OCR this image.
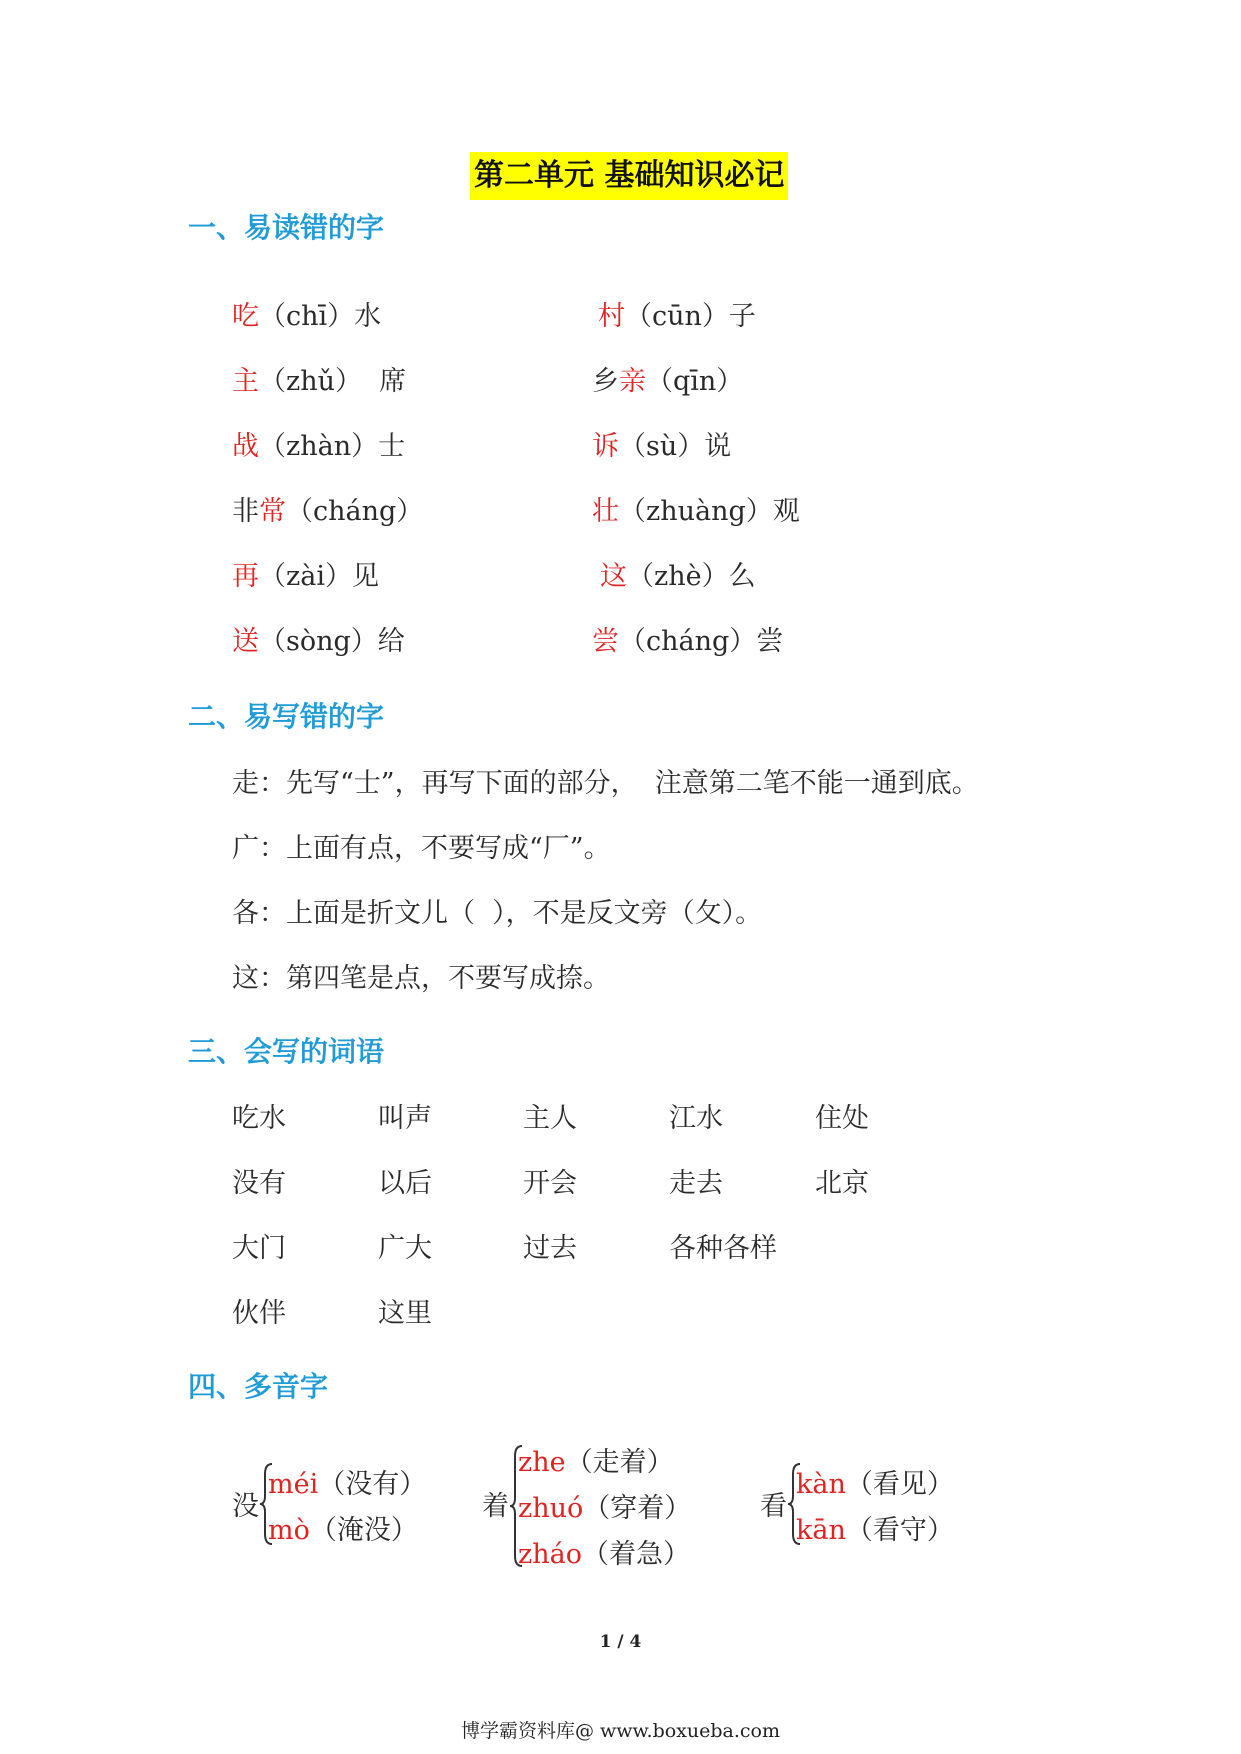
第二单元 基础知识必记
一、易读错的字
吃（chī）水	村（cūn）子
主（zhǔ）  席	乡亲（qīn）
战（zhàn）士	诉（sù）说
非常（cháng）	壮（zhuàng）观
再（zài）见	这（zhè）么
送（sòng）给	尝（cháng）尝
二、易写错的字
走：先写“士”，再写下面的部分，  注意第二笔不能一通到底。
广：上面有点，不要写成“厂”。
各：上面是折文儿（  ），不是反文旁（攵）。
这：第四笔是点，不要写成捺。
三、会写的词语
吃水	叫声	主人	江水	住处
没有	以后	开会	走去	北京
大门	广大	过去	各种各样
伙伴	这里
四、多音字
没
méi（没有）
mò（淹没）
着
zhe（走着）
zhuó（穿着）
zháo（着急）
看
kàn（看见）
kān（看守）
1 / 4
博学霸资料库@ www.boxueba.com
